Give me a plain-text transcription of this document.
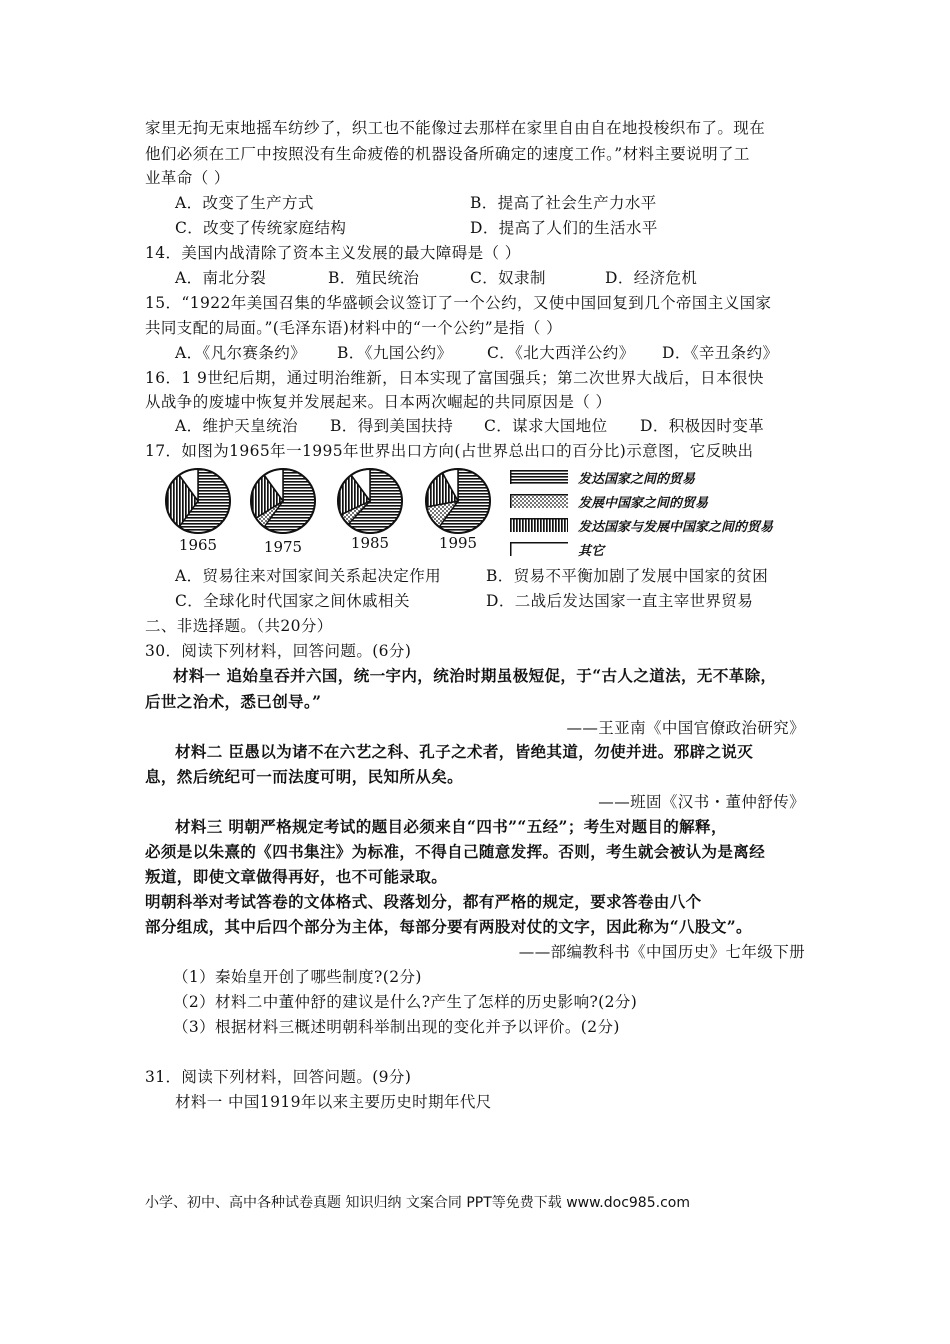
家里无拘无束地摇车纺纱了，织工也不能像过去那样在家里自由自在地投梭织布了。现在
他们必须在工厂中按照没有生命疲倦的机器设备所确定的速度工作。”材料主要说明了工
业革命（ ）
A．改变了生产方式	B．提高了社会生产力水平
C．改变了传统家庭结构	D．提高了人们的生活水平
14．美国内战清除了资本主义发展的最大障碍是（ ）
A．南北分裂	B．殖民统治	C．奴隶制	D．经济危机
15．“1922年美国召集的华盛顿会议签订了一个公约，又使中国回复到几个帝国主义国家
共同支配的局面。”(毛泽东语)材料中的“一个公约”是指（ ）
A．《凡尔赛条约》 B．《九国公约》 C．《北大西洋公约》 D．《辛丑条约》
16．1 9世纪后期，通过明治维新，日本实现了富国强兵；第二次世界大战后，日本很快
从战争的废墟中恢复并发展起来。日本两次崛起的共同原因是（ ）
A．维护天皇统治 B．得到美国扶持 C．谋求大国地位 D．积极因时变革
17．如图为1965年一1995年世界出口方向(占世界总出口的百分比)示意图，它反映出
1965	1975	1985	1995
发达国家之间的贸易
发展中国家之间的贸易
发达国家与发展中国家之间的贸易
其它
A．贸易往来对国家间关系起决定作用	B．贸易不平衡加剧了发展中国家的贫困
C．全球化时代国家之间休戚相关	D．二战后发达国家一直主宰世界贸易
二、非选择题。（共20分）
30．阅读下列材料，回答问题。(6分)
材料一 追始皇吞并六国，统一宇内，统治时期虽极短促，于“古人之道法，无不革除，
后世之治术，悉已创导。”
——王亚南《中国官僚政治研究》
材料二 臣愚以为诸不在六艺之科、孔子之术者，皆绝其道，勿使并进。邪辟之说灭
息，然后统纪可一而法度可明，民知所从矣。
——班固《汉书・董仲舒传》
材料三 明朝严格规定考试的题目必须来自“四书”“五经”；考生对题目的解释，
必须是以朱熹的《四书集注》为标准，不得自己随意发挥。否则，考生就会被认为是离经
叛道，即使文章做得再好，也不可能录取。
明朝科举对考试答卷的文体格式、段落划分，都有严格的规定，要求答卷由八个
部分组成，其中后四个部分为主体，每部分要有两股对仗的文字，因此称为“八股文”。
——部编教科书《中国历史》七年级下册
（1）秦始皇开创了哪些制度?(2分)
（2）材料二中董仲舒的建议是什么?产生了怎样的历史影响?(2分)
（3）根据材料三概述明朝科举制出现的变化并予以评价。(2分)
31．阅读下列材料，回答问题。(9分)
材料一 中国1919年以来主要历史时期年代尺
小学、初中、高中各种试卷真题 知识归纳 文案合同 PPT等免费下载 www.doc985.com
